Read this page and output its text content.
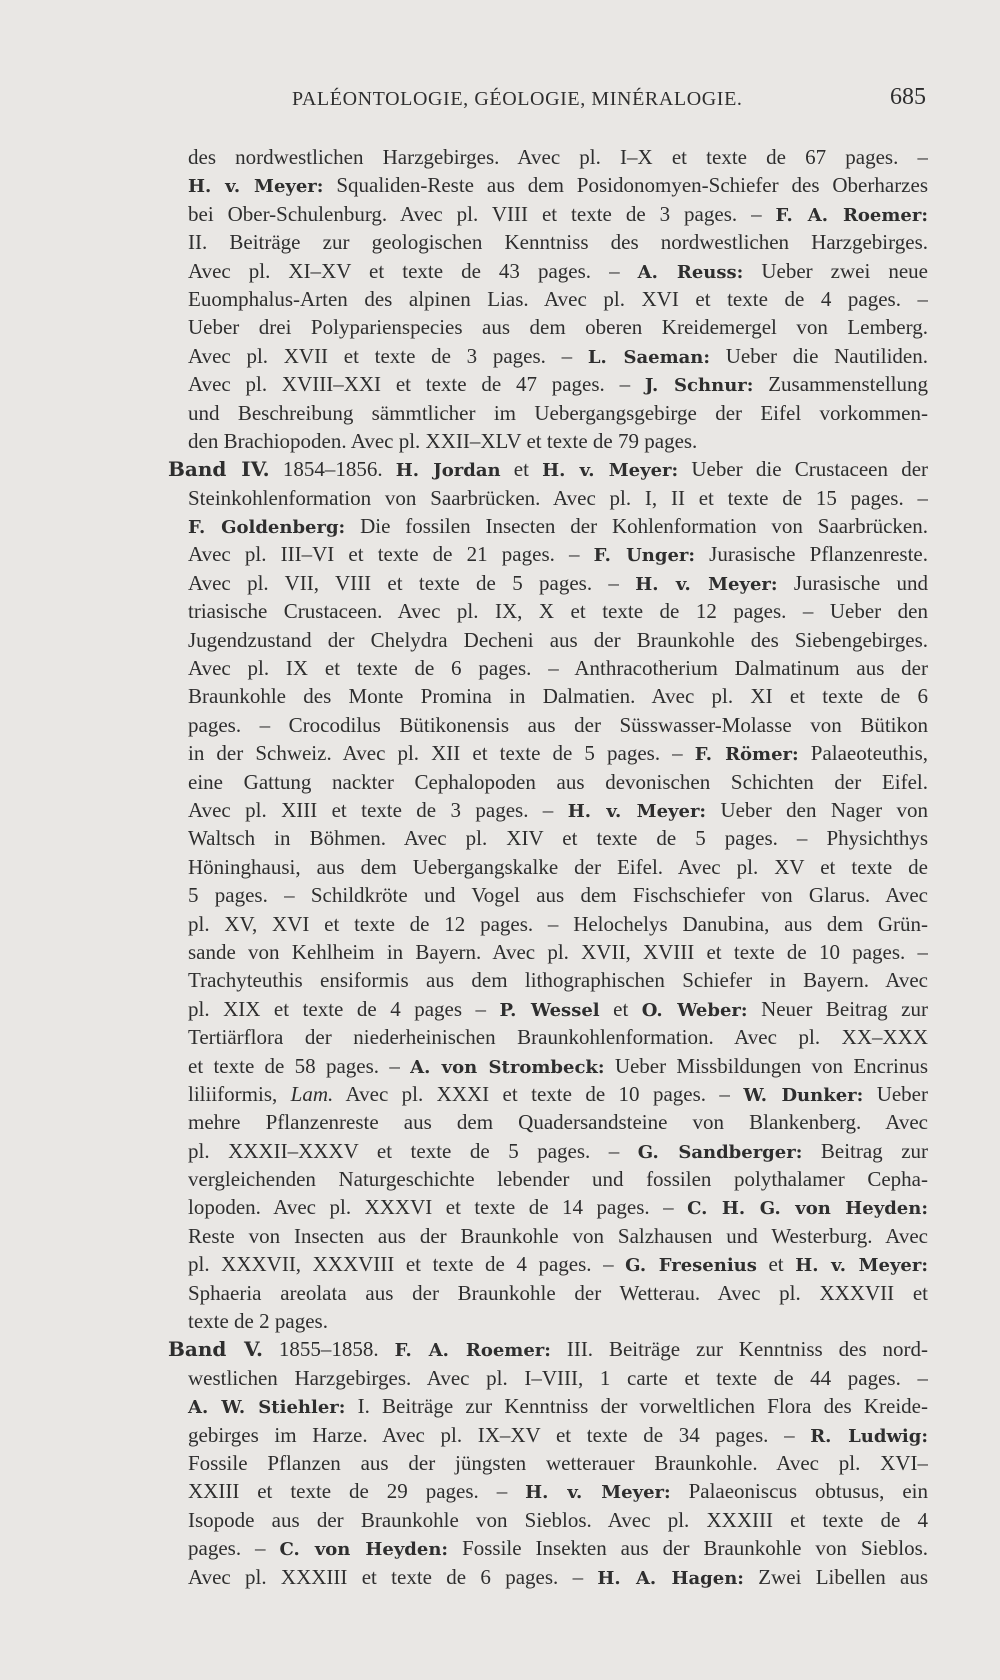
PALÉONTOLOGIE, GÉOLOGIE, MINÉRALOGIE.	685
des nordwestlichen Harzgebirges. Avec pl. I–X et texte de 67 pages. –
H. v. Meyer: Squaliden-Reste aus dem Posidonomyen-Schiefer des Oberharzes
bei Ober-Schulenburg. Avec pl. VIII et texte de 3 pages. – F. A. Roemer:
II. Beiträge zur geologischen Kenntniss des nordwestlichen Harzgebirges.
Avec pl. XI–XV et texte de 43 pages. – A. Reuss: Ueber zwei neue
Euomphalus-Arten des alpinen Lias. Avec pl. XVI et texte de 4 pages. –
Ueber drei Polyparienspecies aus dem oberen Kreidemergel von Lemberg.
Avec pl. XVII et texte de 3 pages. – L. Saeman: Ueber die Nautiliden.
Avec pl. XVIII–XXI et texte de 47 pages. – J. Schnur: Zusammenstellung
und Beschreibung sämmtlicher im Uebergangsgebirge der Eifel vorkommen-
den Brachiopoden. Avec pl. XXII–XLV et texte de 79 pages.
Band IV. 1854–1856. H. Jordan et H. v. Meyer: Ueber die Crustaceen der
Steinkohlenformation von Saarbrücken. Avec pl. I, II et texte de 15 pages. –
F. Goldenberg: Die fossilen Insecten der Kohlenformation von Saarbrücken.
Avec pl. III–VI et texte de 21 pages. – F. Unger: Jurasische Pflanzenreste.
Avec pl. VII, VIII et texte de 5 pages. – H. v. Meyer: Jurasische und
triasische Crustaceen. Avec pl. IX, X et texte de 12 pages. – Ueber den
Jugendzustand der Chelydra Decheni aus der Braunkohle des Siebengebirges.
Avec pl. IX et texte de 6 pages. – Anthracotherium Dalmatinum aus der
Braunkohle des Monte Promina in Dalmatien. Avec pl. XI et texte de 6
pages. – Crocodilus Bütikonensis aus der Süsswasser-Molasse von Bütikon
in der Schweiz. Avec pl. XII et texte de 5 pages. – F. Römer: Palaeoteuthis,
eine Gattung nackter Cephalopoden aus devonischen Schichten der Eifel.
Avec pl. XIII et texte de 3 pages. – H. v. Meyer: Ueber den Nager von
Waltsch in Böhmen. Avec pl. XIV et texte de 5 pages. – Physichthys
Höninghausi, aus dem Uebergangskalke der Eifel. Avec pl. XV et texte de
5 pages. – Schildkröte und Vogel aus dem Fischschiefer von Glarus. Avec
pl. XV, XVI et texte de 12 pages. – Helochelys Danubina, aus dem Grün-
sande von Kehlheim in Bayern. Avec pl. XVII, XVIII et texte de 10 pages. –
Trachyteuthis ensiformis aus dem lithographischen Schiefer in Bayern. Avec
pl. XIX et texte de 4 pages – P. Wessel et O. Weber: Neuer Beitrag zur
Tertiärflora der niederheinischen Braunkohlenformation. Avec pl. XX–XXX
et texte de 58 pages. – A. von Strombeck: Ueber Missbildungen von Encrinus
liliiformis, Lam. Avec pl. XXXI et texte de 10 pages. – W. Dunker: Ueber
mehre Pflanzenreste aus dem Quadersandsteine von Blankenberg. Avec
pl. XXXII–XXXV et texte de 5 pages. – G. Sandberger: Beitrag zur
vergleichenden Naturgeschichte lebender und fossilen polythalamer Cepha-
lopoden. Avec pl. XXXVI et texte de 14 pages. – C. H. G. von Heyden:
Reste von Insecten aus der Braunkohle von Salzhausen und Westerburg. Avec
pl. XXXVII, XXXVIII et texte de 4 pages. – G. Fresenius et H. v. Meyer:
Sphaeria areolata aus der Braunkohle der Wetterau. Avec pl. XXXVII et
texte de 2 pages.
Band V. 1855–1858. F. A. Roemer: III. Beiträge zur Kenntniss des nord-
westlichen Harzgebirges. Avec pl. I–VIII, 1 carte et texte de 44 pages. –
A. W. Stiehler: I. Beiträge zur Kenntniss der vorweltlichen Flora des Kreide-
gebirges im Harze. Avec pl. IX–XV et texte de 34 pages. – R. Ludwig:
Fossile Pflanzen aus der jüngsten wetterauer Braunkohle. Avec pl. XVI–
XXIII et texte de 29 pages. – H. v. Meyer: Palaeoniscus obtusus, ein
Isopode aus der Braunkohle von Sieblos. Avec pl. XXXIII et texte de 4
pages. – C. von Heyden: Fossile Insekten aus der Braunkohle von Sieblos.
Avec pl. XXXIII et texte de 6 pages. – H. A. Hagen: Zwei Libellen aus
